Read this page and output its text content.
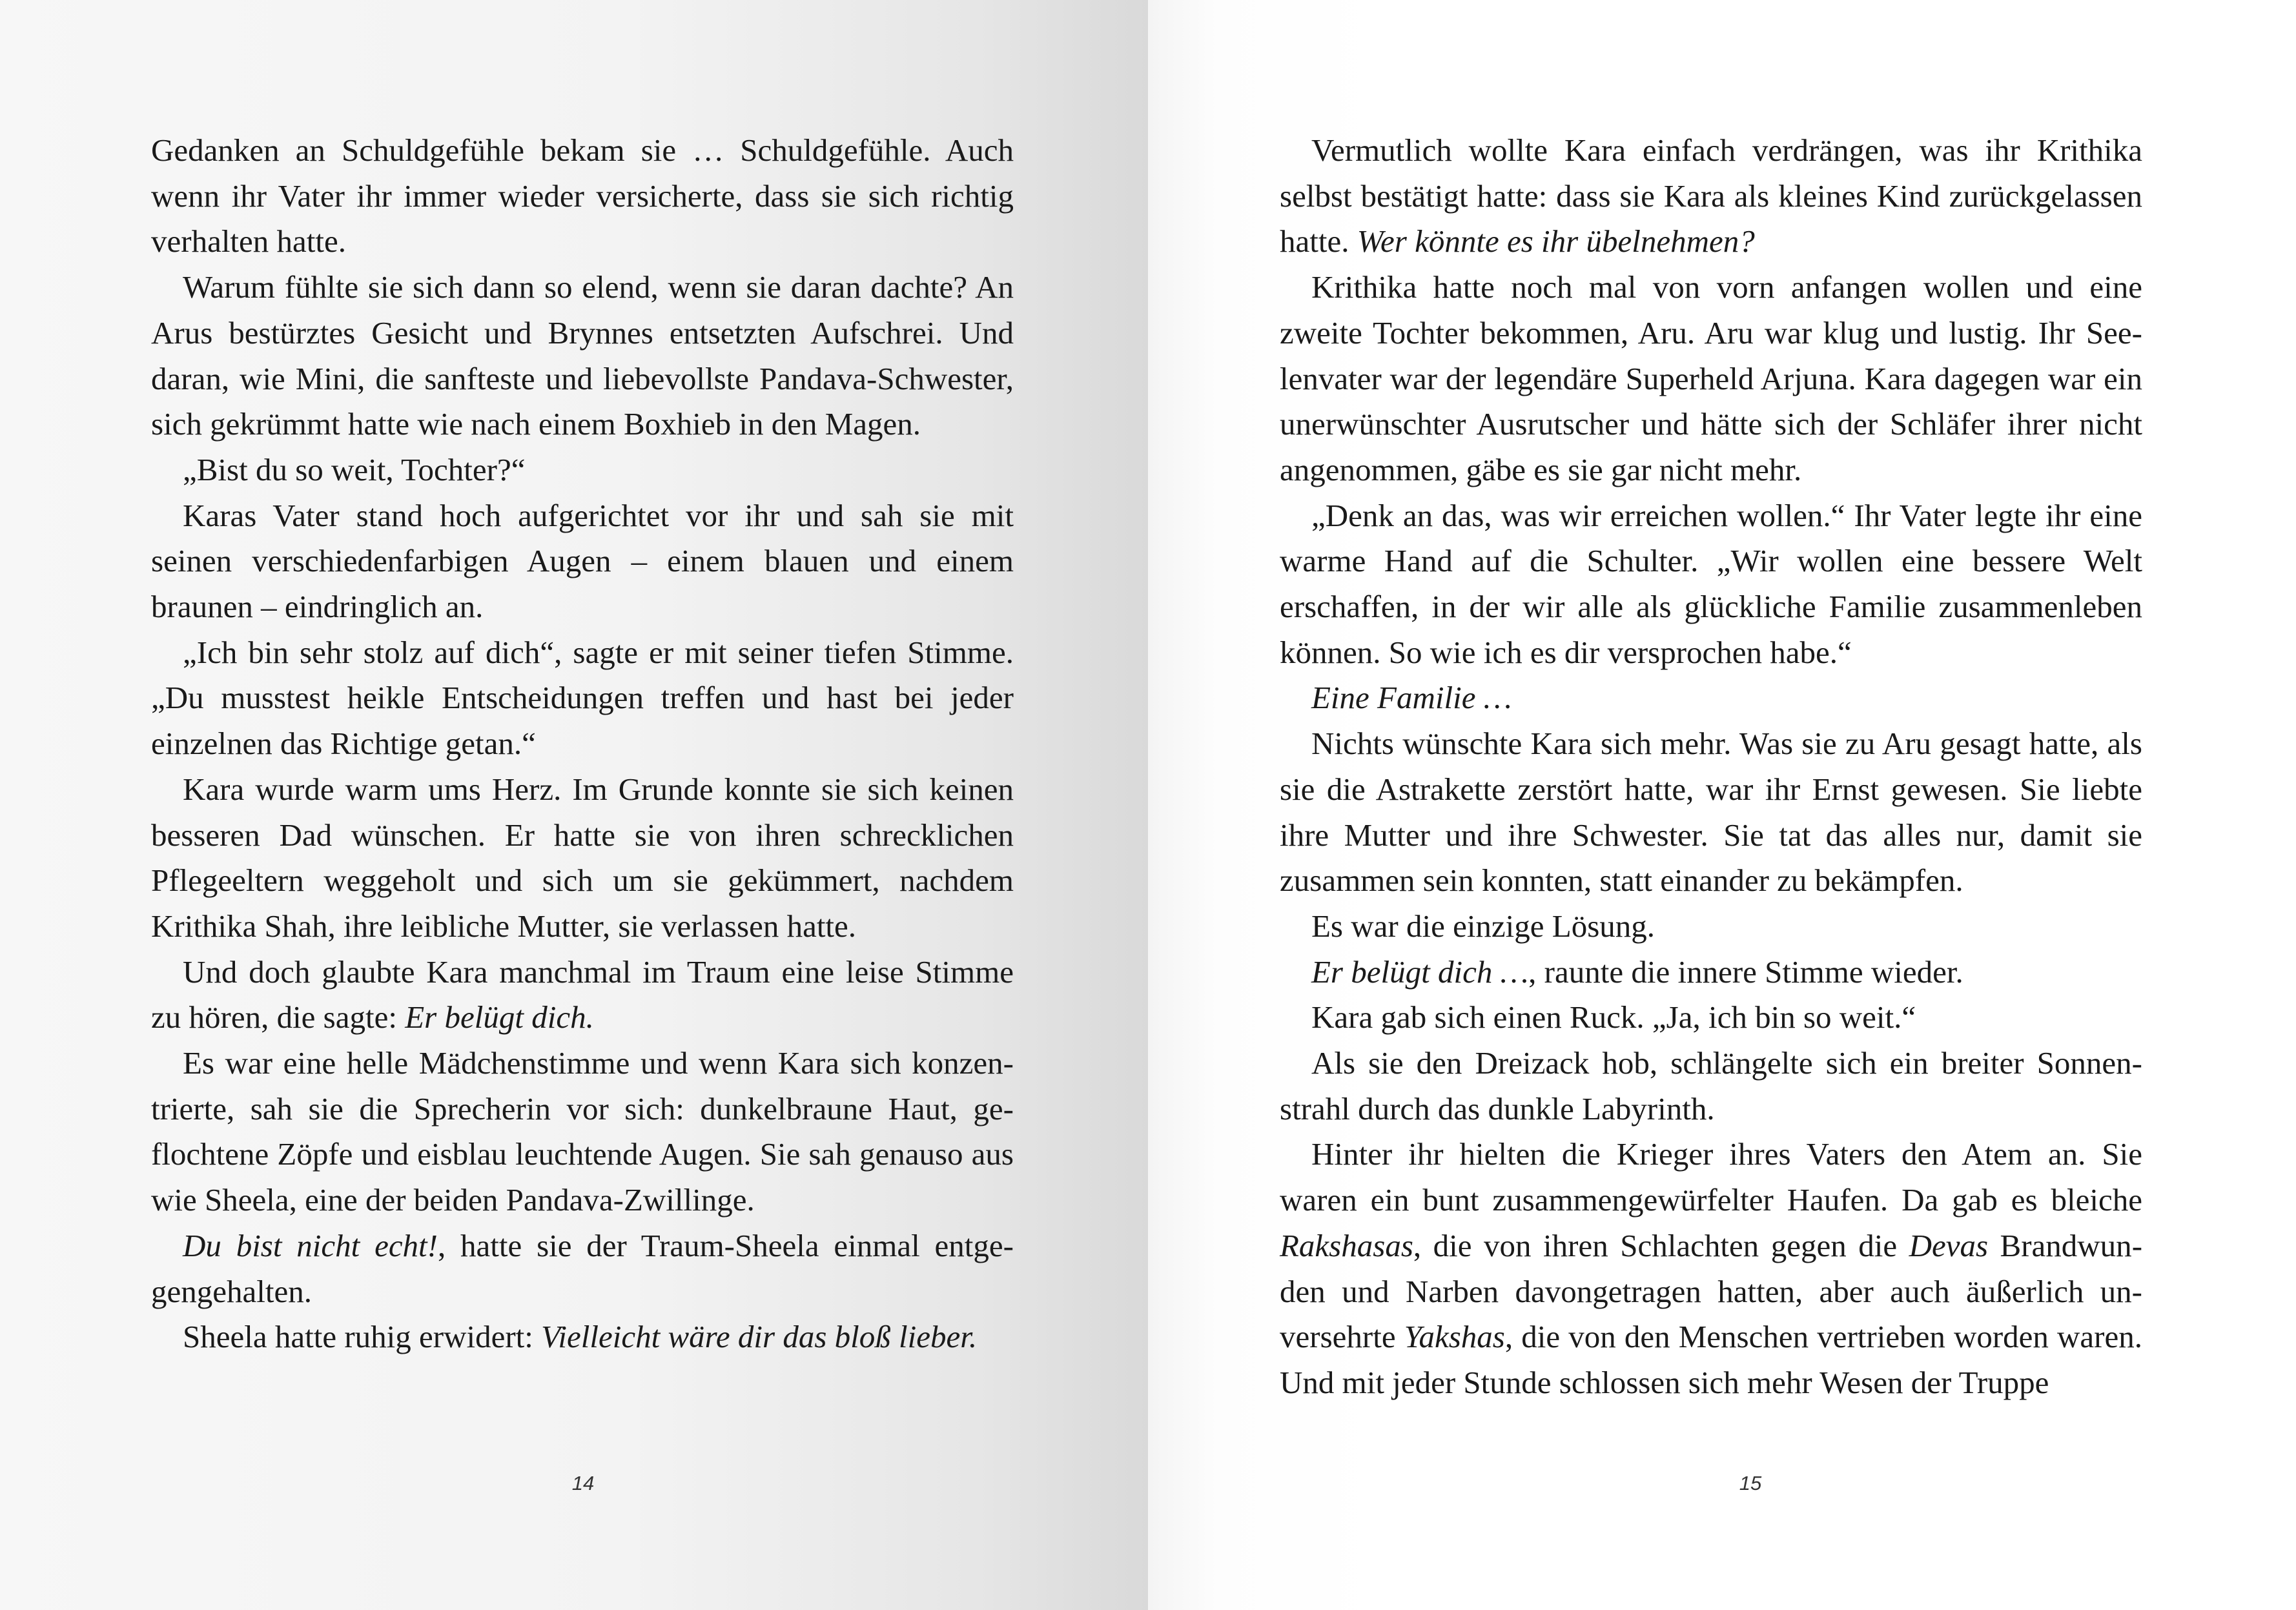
Gedanken an Schuldgefühle bekam sie … Schuldgefühle. Auch wenn ihr Vater ihr immer wieder versicherte, dass sie sich richtig verhalten hatte.

Warum fühlte sie sich dann so elend, wenn sie daran dachte? An Arus bestürztes Gesicht und Brynnes entsetzten Aufschrei. Und daran, wie Mini, die sanfteste und liebevollste Pandava-Schwester, sich gekrümmt hatte wie nach einem Boxhieb in den Magen.

„Bist du so weit, Tochter?“

Karas Vater stand hoch aufgerichtet vor ihr und sah sie mit seinen verschiedenfarbigen Augen – einem blauen und einem braunen – eindringlich an.

„Ich bin sehr stolz auf dich“, sagte er mit seiner tiefen Stimme. „Du musstest heikle Entscheidungen treffen und hast bei jeder einzelnen das Richtige getan.“

Kara wurde warm ums Herz. Im Grunde konnte sie sich keinen besseren Dad wünschen. Er hatte sie von ihren schrecklichen Pflegeeltern weggeholt und sich um sie gekümmert, nachdem Krithika Shah, ihre leibliche Mutter, sie verlassen hatte.

Und doch glaubte Kara manchmal im Traum eine leise Stimme zu hören, die sagte: Er belügt dich.

Es war eine helle Mädchenstimme und wenn Kara sich konzentrierte, sah sie die Sprecherin vor sich: dunkelbraune Haut, geflochtene Zöpfe und eisblau leuchtende Augen. Sie sah genauso aus wie Sheela, eine der beiden Pandava-Zwillinge.

Du bist nicht echt!, hatte sie der Traum-Sheela einmal entgegengehalten.

Sheela hatte ruhig erwidert: Vielleicht wäre dir das bloß lieber.

14

Vermutlich wollte Kara einfach verdrängen, was ihr Krithika selbst bestätigt hatte: dass sie Kara als kleines Kind zurückgelassen hatte. Wer könnte es ihr übelnehmen?

Krithika hatte noch mal von vorn anfangen wollen und eine zweite Tochter bekommen, Aru. Aru war klug und lustig. Ihr Seelenvater war der legendäre Superheld Arjuna. Kara dagegen war ein unerwünschter Ausrutscher und hätte sich der Schläfer ihrer nicht angenommen, gäbe es sie gar nicht mehr.

„Denk an das, was wir erreichen wollen.“ Ihr Vater legte ihr eine warme Hand auf die Schulter. „Wir wollen eine bessere Welt erschaffen, in der wir alle als glückliche Familie zusammenleben können. So wie ich es dir versprochen habe.“

Eine Familie …

Nichts wünschte Kara sich mehr. Was sie zu Aru gesagt hatte, als sie die Astrakette zerstört hatte, war ihr Ernst gewesen. Sie liebte ihre Mutter und ihre Schwester. Sie tat das alles nur, damit sie zusammen sein konnten, statt einander zu bekämpfen.

Es war die einzige Lösung.

Er belügt dich …, raunte die innere Stimme wieder.

Kara gab sich einen Ruck. „Ja, ich bin so weit.“

Als sie den Dreizack hob, schlängelte sich ein breiter Sonnenstrahl durch das dunkle Labyrinth.

Hinter ihr hielten die Krieger ihres Vaters den Atem an. Sie waren ein bunt zusammengewürfelter Haufen. Da gab es bleiche Rakshasas, die von ihren Schlachten gegen die Devas Brandwunden und Narben davongetragen hatten, aber auch äußerlich unversehrte Yakshas, die von den Menschen vertrieben worden waren. Und mit jeder Stunde schlossen sich mehr Wesen der Truppe

15
